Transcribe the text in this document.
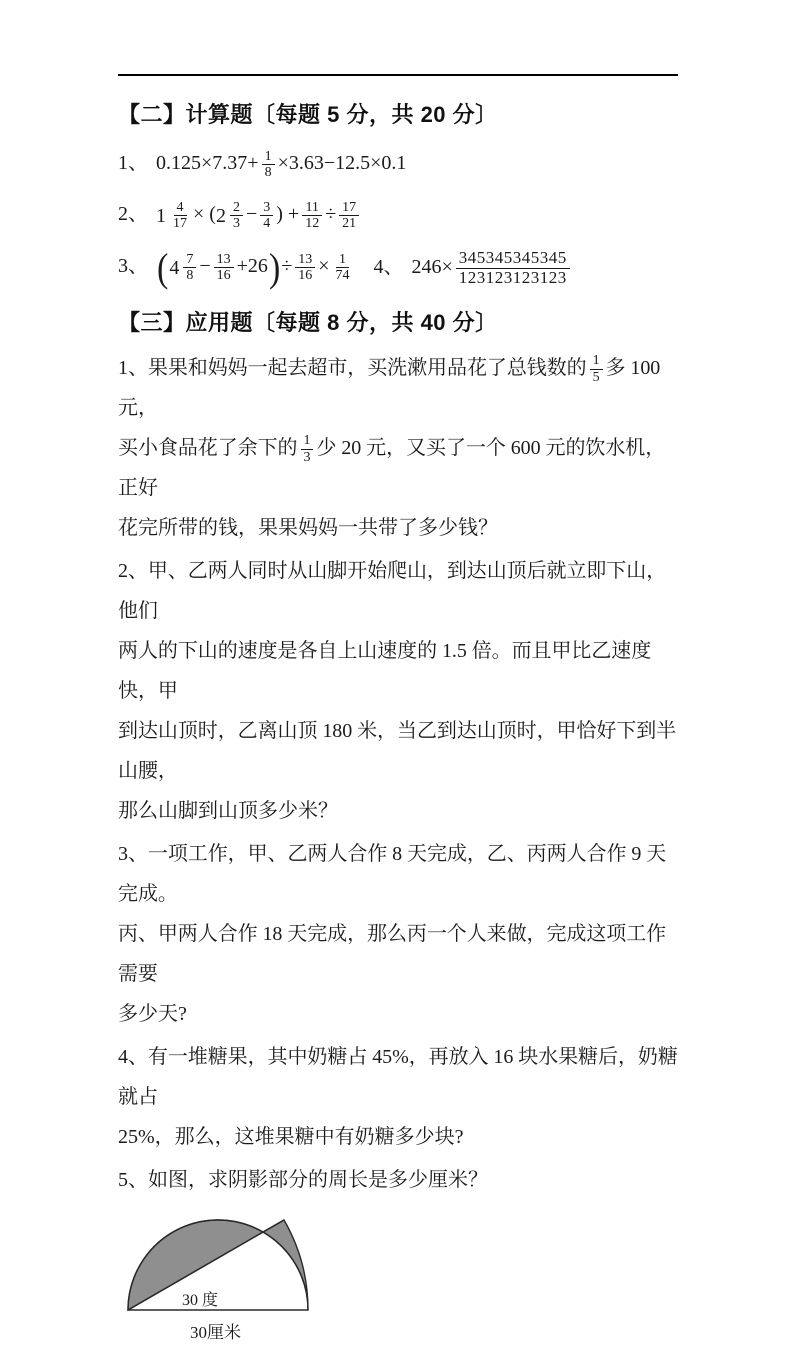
【二】计算题〔每题 5 分，共 20 分〕
1、 $0.125\times 7.37+ \frac{1}{8} \times 3.63-12.5\times 0.1$
2、 $1 \frac{4}{17}$ × ( $2 \frac{2}{3} - \frac{3}{4}$ ) + $\frac{11}{12} \div \frac{17}{21}$
3、 ( $4 \frac{7}{8} - \frac{13}{16} +26)\div \frac{13}{16} \times \frac{1}{74} 4$、 $246\times \frac{345345345345}{123123123123}$
【三】应用题〔每题 8 分，共 40 分〕
1、果果和妈妈一起去超市，买洗漱用品花了总钱数的 $\frac{1}{5}$ 多 100 元，
买小食品花了余下的 $\frac{1}{3}$ 少 20 元，又买了一个 600 元的饮水机，正好
花完所带的钱，果果妈妈一共带了多少钱？
2、甲、乙两人同时从山脚开始爬山，到达山顶后就立即下山，他们
两人的下山的速度是各自上山速度的 1.5 倍。而且甲比乙速度快，甲
到达山顶时，乙离山顶 180 米，当乙到达山顶时，甲恰好下到半山腰，
那么山脚到山顶多少米？
3、一项工作，甲、乙两人合作 8 天完成，乙、丙两人合作 9 天完成。
丙、甲两人合作 18 天完成，那么丙一个人来做，完成这项工作需要
多少天?
4、有一堆糖果，其中奶糖占 45%，再放入 16 块水果糖后，奶糖就占
25%，那么，这堆果糖中有奶糖多少块?
5、如图，求阴影部分的周长是多少厘米？
30 度
30厘米
